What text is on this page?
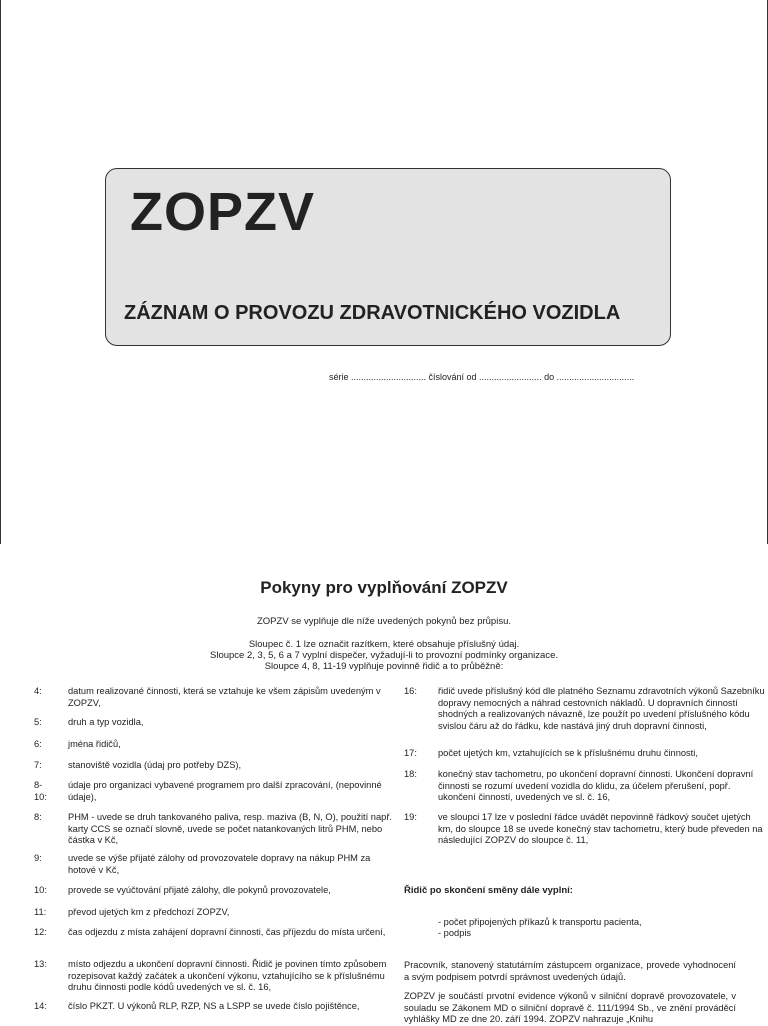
ZOPZV
ZÁZNAM O PROVOZU ZDRAVOTNICKÉHO VOZIDLA
série .............................. číslování od ......................... do ...............................
Pokyny pro vyplňování ZOPZV
ZOPZV se vyplňuje dle níže uvedených pokynů bez průpisu.
Sloupec č. 1 lze označit razítkem, které obsahuje příslušný údaj.
Sloupce 2, 3, 5, 6 a 7 vyplní dispečer, vyžadují-li to provozní podmínky organizace.
Sloupce 4, 8, 11-19 vyplňuje povinně řidič a to průběžně:
4:	datum realizované činnosti, která se vztahuje ke všem zápisům uvedeným v ZOPZV,
5:	druh a typ vozidla,
6:	jména řidičů,
7:	stanoviště vozidla (údaj pro potřeby DZS),
8-10:
údaje pro organizaci vybavené programem pro další zpracování, (nepovinné údaje),
8:	PHM - uvede se druh tankovaného paliva, resp. maziva (B, N, O), použití např. karty CCS se označí slovně, uvede se počet natankovaných litrů PHM, nebo částka v Kč,
9:	uvede se výše přijaté zálohy od provozovatele dopravy na nákup PHM za hotové v Kč,
10: provede se vyúčtování přijaté zálohy, dle pokynů provozovatele,
11: převod ujetých km z předchozí ZOPZV,
12: čas odjezdu z místa zahájení dopravní činnosti, čas příjezdu do místa určení,
13: místo odjezdu a ukončení dopravní činnosti. Řidič je povinen tímto způsobem rozepisovat každý začátek a ukončení výkonu, vztahujícího se k příslušnému druhu činnosti podle kódů uvedených ve sl. č. 16,
14: číslo PKZT. U výkonů RLP, RZP, NS a LSPP se uvede číslo pojištěnce,
16: řidič uvede příslušný kód dle platného Seznamu zdravotních výkonů Sazebníku dopravy nemocných a náhrad cestovních nákladů. U dopravních činností shodných a realizovaných návazně, lze použít po uvedení příslušného kódu svislou čáru až do řádku, kde nastává jiný druh dopravní činnosti,
17: počet ujetých km, vztahujících se k příslušnému druhu činnosti,
18: konečný stav tachometru, po ukončení dopravní činnosti. Ukončení dopravní činnosti se rozumí uvedení vozidla do klidu, za účelem přerušení, popř. ukončení činností, uvedených ve sl. č. 16,
19: ve sloupci 17 lze v poslední řádce uvádět nepovinně řádkový součet ujetých km, do sloupce 18 se uvede konečný stav tachometru, který bude převeden na následující ZOPZV do sloupce č. 11,
Řidič po skončení směny dále vyplní:
- počet připojených příkazů k transportu pacienta,
- podpis
Pracovník, stanovený statutárním zástupcem organizace, provede vyhodnocení a svým podpisem potvrdí správnost uvedených údajů.
ZOPZV je součástí prvotní evidence výkonů v silniční dopravě provozovatele, v souladu se Zákonem MD o silniční dopravě č. 111/1994 Sb., ve znění prováděcí vyhlášky MD ze dne 20. září 1994. ZOPZV nahrazuje „Knihu
